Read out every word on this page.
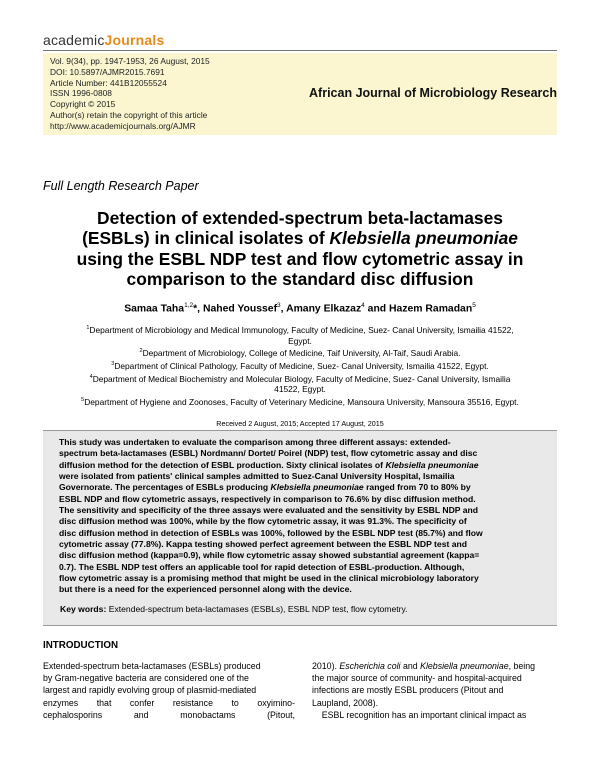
academicJournals
Vol. 9(34), pp. 1947-1953, 26 August, 2015
DOI: 10.5897/AJMR2015.7691
Article Number: 441B12055524
ISSN 1996-0808
Copyright © 2015
Author(s) retain the copyright of this article
http://www.academicjournals.org/AJMR
African Journal of Microbiology Research
Full Length Research Paper
Detection of extended-spectrum beta-lactamases
(ESBLs) in clinical isolates of Klebsiella pneumoniae
using the ESBL NDP test and flow cytometric assay in
comparison to the standard disc diffusion
Samaa Taha$^{1,2}$*, Nahed Youssef$^3$, Amany Elkazaz$^4$ and Hazem Ramadan$^5$
$^1$Department of Microbiology and Medical Immunology, Faculty of Medicine, Suez- Canal University, Ismailia 41522,
Egypt.
$^2$Department of Microbiology, College of Medicine, Taif University, Al-Taif, Saudi Arabia.
$^3$Department of Clinical Pathology, Faculty of Medicine, Suez- Canal University, Ismailia 41522, Egypt.
$^4$Department of Medical Biochemistry and Molecular Biology, Faculty of Medicine, Suez- Canal University, Ismailia
41522, Egypt.
$^5$Department of Hygiene and Zoonoses, Faculty of Veterinary Medicine, Mansoura University, Mansoura 35516, Egypt.
Received 2 August, 2015; Accepted 17 August, 2015
This study was undertaken to evaluate the comparison among three different assays: extended-
spectrum beta-lactamases (ESBL) Nordmann/ Dortet/ Poirel (NDP) test, flow cytometric assay and disc
diffusion method for the detection of ESBL production. Sixty clinical isolates of Klebsiella pneumoniae
were isolated from patients' clinical samples admitted to Suez-Canal University Hospital, Ismailia
Governorate. The percentages of ESBLs producing Klebsiella pneumoniae ranged from 70 to 80% by
ESBL NDP and flow cytometric assays, respectively in comparison to 76.6% by disc diffusion method.
The sensitivity and specificity of the three assays were evaluated and the sensitivity by ESBL NDP and
disc diffusion method was 100%, while by the flow cytometric assay, it was 91.3%. The specificity of
disc diffusion method in detection of ESBLs was 100%, followed by the ESBL NDP test (85.7%) and flow
cytometric assay (77.8%). Kappa testing showed perfect agreement between the ESBL NDP test and
disc diffusion method (kappa=0.9), while flow cytometric assay showed substantial agreement (kappa=
0.7). The ESBL NDP test offers an applicable tool for rapid detection of ESBL-production. Although,
flow cytometric assay is a promising method that might be used in the clinical microbiology laboratory
but there is a need for the experienced personnel along with the device.
Key words: Extended-spectrum beta-lactamases (ESBLs), ESBL NDP test, flow cytometry.
INTRODUCTION
Extended-spectrum beta-lactamases (ESBLs) produced
by Gram-negative bacteria are considered one of the
largest and rapidly evolving group of plasmid-mediated
enzymes that confer resistance to oxyimino-
cephalosporins and monobactams (Pitout,
2010). Escherichia coli and Klebsiella pneumoniae, being
the major source of community- and hospital-acquired
infections are mostly ESBL producers (Pitout and
Laupland, 2008).
ESBL recognition has an important clinical impact as
